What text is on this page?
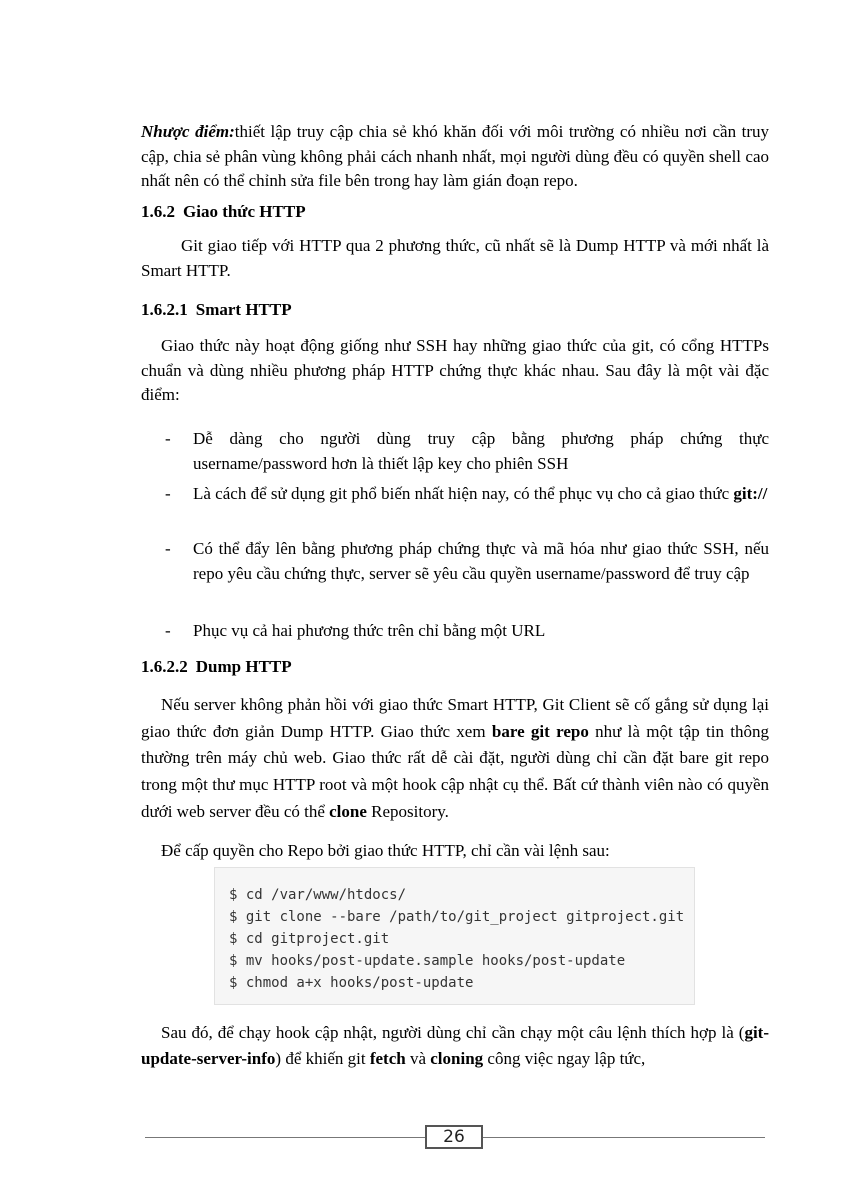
Nhược điểm:thiết lập truy cập chia sẻ khó khăn đối với môi trường có nhiều nơi cần truy cập, chia sẻ phân vùng không phải cách nhanh nhất, mọi người dùng đều có quyền shell cao nhất nên có thể chỉnh sửa file bên trong hay làm gián đoạn repo.
1.6.2 Giao thức HTTP
Git giao tiếp với HTTP qua 2 phương thức, cũ nhất sẽ là Dump HTTP và mới nhất là Smart HTTP.
1.6.2.1 Smart HTTP
Giao thức này hoạt động giống như SSH hay những giao thức của git, có cổng HTTPs chuẩn và dùng nhiều phương pháp HTTP chứng thực khác nhau. Sau đây là một vài đặc điểm:
- Dễ dàng cho người dùng truy cập bằng phương pháp chứng thực username/password hơn là thiết lập key cho phiên SSH
- Là cách để sử dụng git phổ biến nhất hiện nay, có thể phục vụ cho cả giao thức git://
- Có thể đẩy lên bằng phương pháp chứng thực và mã hóa như giao thức SSH, nếu repo yêu cầu chứng thực, server sẽ yêu cầu quyền username/password để truy cập
- Phục vụ cả hai phương thức trên chỉ bằng một URL
1.6.2.2 Dump HTTP
Nếu server không phản hồi với giao thức Smart HTTP, Git Client sẽ cố gắng sử dụng lại giao thức đơn giản Dump HTTP. Giao thức xem bare git repo như là một tập tin thông thường trên máy chủ web. Giao thức rất dễ cài đặt, người dùng chỉ cần đặt bare git repo trong một thư mục HTTP root và một hook cập nhật cụ thể. Bất cứ thành viên nào có quyền dưới web server đều có thể clone Repository.
Để cấp quyền cho Repo bởi giao thức HTTP, chỉ cần vài lệnh sau:
$ cd /var/www/htdocs/
$ git clone --bare /path/to/git_project gitproject.git
$ cd gitproject.git
$ mv hooks/post-update.sample hooks/post-update
$ chmod a+x hooks/post-update
Sau đó, để chạy hook cập nhật, người dùng chỉ cần chạy một câu lệnh thích hợp là (git-update-server-info) để khiến git fetch và cloning công việc ngay lập tức,
26
